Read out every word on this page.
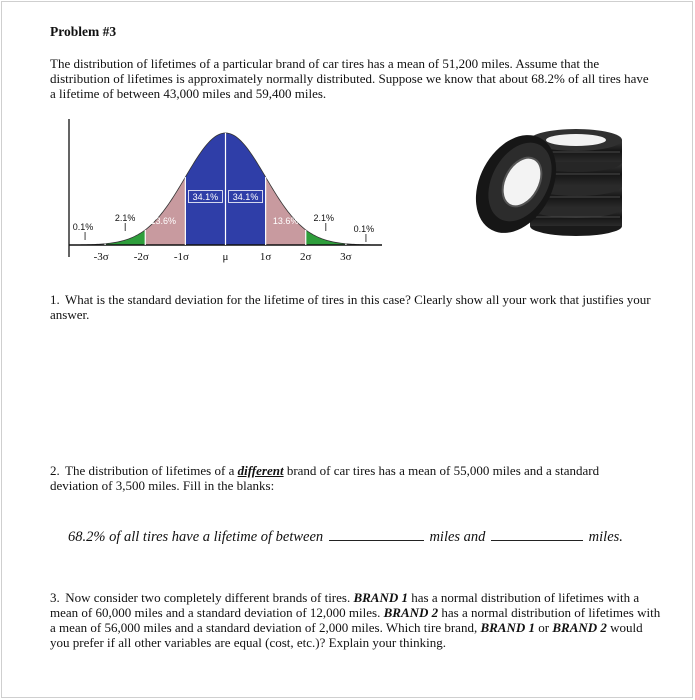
Problem #3
The distribution of lifetimes of a particular brand of car tires has a mean of 51,200 miles. Assume that the distribution of lifetimes is approximately normally distributed. Suppose we know that about 68.2% of all tires have a lifetime of between 43,000 miles and 59,400 miles.
0.1%
2.1% 13.6%
34.1% 34.1%
13.6% 2.1%
0.1%
-3σ -2σ -1σ	μ	1σ	2σ	3σ
1. What is the standard deviation for the lifetime of tires in this case? Clearly show all your work that justifies your answer.
2. The distribution of lifetimes of a different brand of car tires has a mean of 55,000 miles and a standard deviation of 3,500 miles. Fill in the blanks:
68.2% of all tires have a lifetime of between	miles and	miles.
3. Now consider two completely different brands of tires. BRAND 1 has a normal distribution of lifetimes with a mean of 60,000 miles and a standard deviation of 12,000 miles. BRAND 2 has a normal distribution of lifetimes with a mean of 56,000 miles and a standard deviation of 2,000 miles. Which tire brand, BRAND 1 or BRAND 2 would you prefer if all other variables are equal (cost, etc.)? Explain your thinking.
